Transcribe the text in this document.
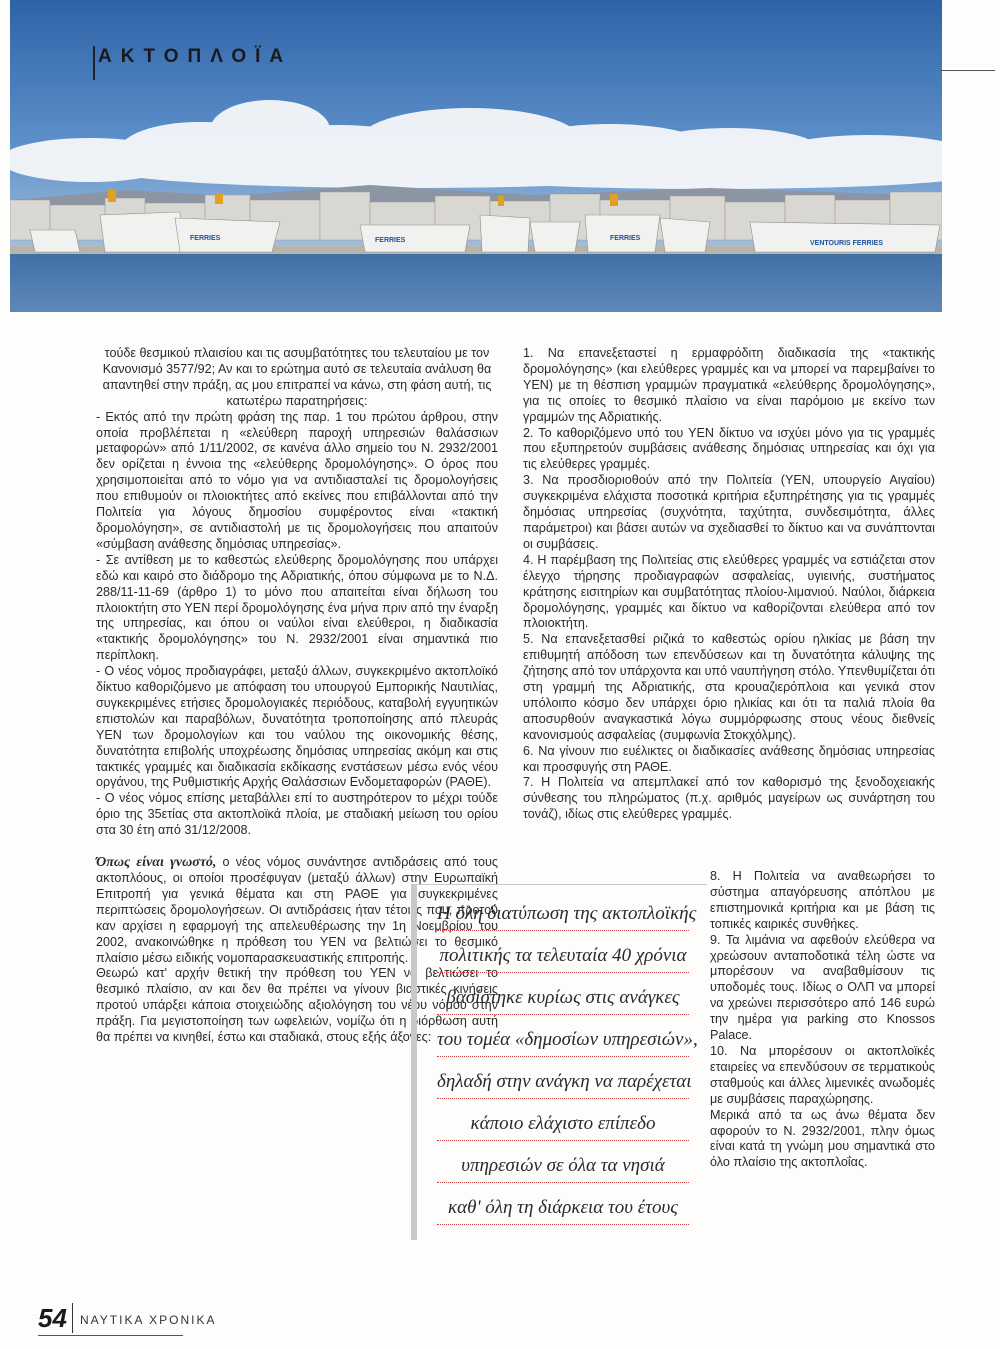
FERRIES	FERRIES	FERRIES
VENTOURIS FERRIES
ΑΚΤΟΠΛΟΪΑ

τούδε θεσμικού πλαισίου και τις ασυμβατότητες του τελευταίου με τον Κανονισμό 3577/92; Αν και το ερώτημα αυτό σε τελευταία ανάλυση θα απαντηθεί στην πράξη, ας μου επιτραπεί να κάνω, στη φάση αυτή, τις κατωτέρω παρατηρήσεις:

- Εκτός από την πρώτη φράση της παρ. 1 του πρώτου άρθρου, στην οποία προβλέπεται η «ελεύθερη παροχή υπηρεσιών θαλάσσιων μεταφορών» από 1/11/2002, σε κανένα άλλο σημείο του Ν. 2932/2001 δεν ορίζεται η έννοια της «ελεύθερης δρομολόγησης». Ο όρος που χρησιμοποιείται από το νόμο για να αντιδιασταλεί τις δρομολογήσεις που επιθυμούν οι πλοιοκτήτες από εκείνες που επιβάλλονται από την Πολιτεία για λόγους δημοσίου συμφέροντος είναι «τακτική δρομολόγηση», σε αντιδιαστολή με τις δρομολογήσεις που απαιτούν «σύμβαση ανάθεσης δημόσιας υπηρεσίας».

- Σε αντίθεση με το καθεστώς ελεύθερης δρομολόγησης που υπάρχει εδώ και καιρό στο διάδρομο της Αδριατικής, όπου σύμφωνα με το Ν.Δ. 288/11-11-69 (άρθρο 1) το μόνο που απαιτείται είναι δήλωση του πλοιοκτήτη στο ΥΕΝ περί δρομολόγησης ένα μήνα πριν από την έναρξη της υπηρεσίας, και όπου οι ναύλοι είναι ελεύθεροι, η διαδικασία «τακτικής δρομολόγησης» του Ν. 2932/2001 είναι σημαντικά πιο περίπλοκη.

- Ο νέος νόμος προδιαγράφει, μεταξύ άλλων, συγκεκριμένο ακτοπλοϊκό δίκτυο καθοριζόμενο με απόφαση του υπουργού Εμπορικής Ναυτιλίας, συγκεκριμένες ετήσιες δρομολογιακές περιόδους, καταβολή εγγυητικών επιστολών και παραβόλων, δυνατότητα τροποποίησης από πλευράς ΥΕΝ των δρομολογίων και του ναύλου της οικονομικής θέσης, δυνατότητα επιβολής υποχρέωσης δημόσιας υπηρεσίας ακόμη και στις τακτικές γραμμές και διαδικασία εκδίκασης ενστάσεων μέσω ενός νέου οργάνου, της Ρυθμιστικής Αρχής Θαλάσσιων Ενδομεταφορών (ΡΑΘΕ).

- Ο νέος νόμος επίσης μεταβάλλει επί το αυστηρότερον το μέχρι τούδε όριο της 35ετίας στα ακτοπλοϊκά πλοία, με σταδιακή μείωση του ορίου στα 30 έτη από 31/12/2008.

Όπως είναι γνωστό, ο νέος νόμος συνάντησε αντιδράσεις από τους ακτοπλόους, οι οποίοι προσέφυγαν (μεταξύ άλλων) στην Ευρωπαϊκή Επιτροπή για γενικά θέματα και στη ΡΑΘΕ για συγκεκριμένες περιπτώσεις δρομολογήσεων. Οι αντιδράσεις ήταν τέτοιες που, προτού καν αρχίσει η εφαρμογή της απελευθέρωσης την 1η Νοεμβρίου του 2002, ανακοινώθηκε η πρόθεση του ΥΕΝ να βελτιώσει το θεσμικό πλαίσιο μέσω ειδικής νομοπαρασκευαστικής επιτροπής.

Θεωρώ κατ' αρχήν θετική την πρόθεση του ΥΕΝ να βελτιώσει το θεσμικό πλαίσιο, αν και δεν θα πρέπει να γίνουν βιαστικές κινήσεις προτού υπάρξει κάποια στοιχειώδης αξιολόγηση του νέου νόμου στην πράξη. Για μεγιστοποίηση των ωφελειών, νομίζω ότι η διόρθωση αυτή θα πρέπει να κινηθεί, έστω και σταδιακά, στους εξής άξονες:

1. Να επανεξεταστεί η ερμαφρόδιτη διαδικασία της «τακτικής δρομολόγησης» (και ελεύθερες γραμμές και να μπορεί να παρεμβαίνει το ΥΕΝ) με τη θέσπιση γραμμών πραγματικά «ελεύθερης δρομολόγησης», για τις οποίες το θεσμικό πλαίσιο να είναι παρόμοιο με εκείνο των γραμμών της Αδριατικής.

2. Το καθοριζόμενο υπό του ΥΕΝ δίκτυο να ισχύει μόνο για τις γραμμές που εξυπηρετούν συμβάσεις ανάθεσης δημόσιας υπηρεσίας και όχι για τις ελεύθερες γραμμές.

3. Να προσδιοριοθούν από την Πολιτεία (ΥΕΝ, υπουργείο Αιγαίου) συγκεκριμένα ελάχιστα ποσοτικά κριτήρια εξυπηρέτησης για τις γραμμές δημόσιας υπηρεσίας (συχνότητα, ταχύτητα, συνδεσιμότητα, άλλες παράμετροι) και βάσει αυτών να σχεδιασθεί το δίκτυο και να συνάπτονται οι συμβάσεις.

4. Η παρέμβαση της Πολιτείας στις ελεύθερες γραμμές να εστιάζεται στον έλεγχο τήρησης προδιαγραφών ασφαλείας, υγιεινής, συστήματος κράτησης εισιτηρίων και συμβατότητας πλοίου-λιμανιού. Ναύλοι, διάρκεια δρομολόγησης, γραμμές και δίκτυο να καθορίζονται ελεύθερα από τον πλοιοκτήτη.

5. Να επανεξετασθεί ριζικά το καθεστώς ορίου ηλικίας με βάση την επιθυμητή απόδοση των επενδύσεων και τη δυνατότητα κάλυψης της ζήτησης από τον υπάρχοντα και υπό ναυπήγηση στόλο. Υπενθυμίζεται ότι στη γραμμή της Αδριατικής, στα κρουαζιερόπλοια και γενικά στον υπόλοιπο κόσμο δεν υπάρχει όριο ηλικίας και ότι τα παλιά πλοία θα αποσυρθούν αναγκαστικά λόγω συμμόρφωσης στους νέους διεθνείς κανονισμούς ασφαλείας (συμφωνία Στοκχόλμης).

6. Να γίνουν πιο ευέλικτες οι διαδικασίες ανάθεσης δημόσιας υπηρεσίας και προσφυγής στη ΡΑΘΕ.

7. Η Πολιτεία να απεμπλακεί από τον καθορισμό της ξενοδοχειακής σύνθεσης του πληρώματος (π.χ. αριθμός μαγείρων ως συνάρτηση του τονάζ), ιδίως στις ελεύθερες γραμμές.

8. Η Πολιτεία να αναθεωρήσει το σύστημα απαγόρευσης απόπλου με επιστημονικά κριτήρια και με βάση τις τοπικές καιρικές συνθήκες.

9. Τα λιμάνια να αφεθούν ελεύθερα να χρεώσουν ανταποδοτικά τέλη ώστε να μπορέσουν να αναβαθμίσουν τις υποδομές τους. Ιδίως ο ΟΛΠ να μπορεί να χρεώνει περισσότερο από 146 ευρώ την ημέρα για parking στο Knossos Palace.

10. Να μπορέσουν οι ακτοπλοϊκές εταιρείες να επενδύσουν σε τερματικούς σταθμούς και άλλες λιμενικές ανωδομές με συμβάσεις παραχώρησης.

Μερικά από τα ως άνω θέματα δεν αφορούν το Ν. 2932/2001, πλην όμως είναι κατά τη γνώμη μου σημαντικά στο όλο πλαίσιο της ακτοπλοΐας.

Η όλη διατύπωση της ακτοπλοϊκής
πολιτικής τα τελευταία 40 χρόνια
βασίστηκε κυρίως στις ανάγκες
του τομέα «δημοσίων υπηρεσιών»,
δηλαδή στην ανάγκη να παρέχεται
κάποιο ελάχιστο επίπεδο
υπηρεσιών σε όλα τα νησιά
καθ' όλη τη διάρκεια του έτους
54 ΝΑΥΤΙΚΑ ΧΡΟΝΙΚΑ
